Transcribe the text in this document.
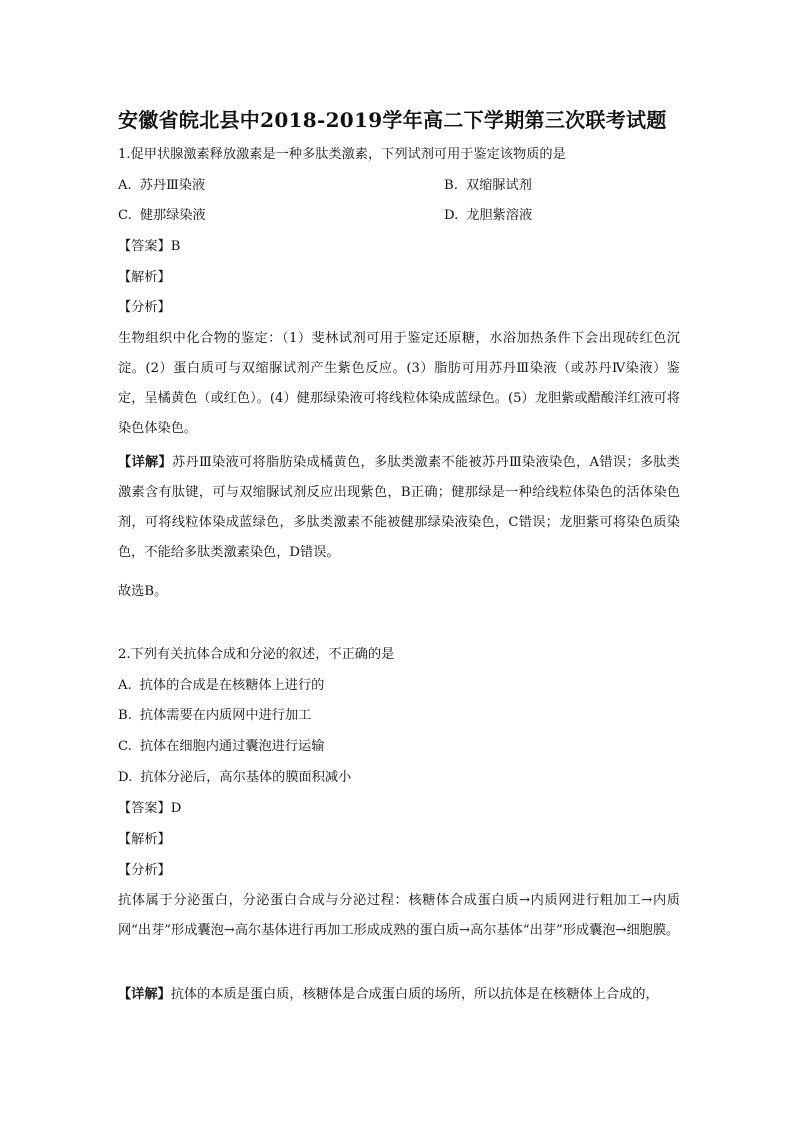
安徽省皖北县中2018-2019学年高二下学期第三次联考试题
1.促甲状腺激素释放激素是一种多肽类激素，下列试剂可用于鉴定该物质的是
A. 苏丹Ⅲ染液	B. 双缩脲试剂
C. 健那绿染液	D. 龙胆紫溶液
【答案】B
【解析】
【分析】
生物组织中化合物的鉴定：（1）斐林试剂可用于鉴定还原糖，水浴加热条件下会出现砖红色沉淀。(2）蛋白质可与双缩脲试剂产生紫色反应。(3）脂肪可用苏丹Ⅲ染液（或苏丹Ⅳ染液）鉴定，呈橘黄色（或红色）。(4）健那绿染液可将线粒体染成蓝绿色。(5）龙胆紫或醋酸洋红液可将染色体染色。
【详解】苏丹Ⅲ染液可将脂肪染成橘黄色，多肽类激素不能被苏丹Ⅲ染液染色，A错误；多肽类激素含有肽键，可与双缩脲试剂反应出现紫色，B正确；健那绿是一种给线粒体染色的活体染色剂，可将线粒体染成蓝绿色，多肽类激素不能被健那绿染液染色，C错误；龙胆紫可将染色质染色，不能给多肽类激素染色，D错误。
故选B。
2.下列有关抗体合成和分泌的叙述，不正确的是
A. 抗体的合成是在核糖体上进行的
B. 抗体需要在内质网中进行加工
C. 抗体在细胞内通过囊泡进行运输
D. 抗体分泌后，高尔基体的膜面积减小
【答案】D
【解析】
【分析】
抗体属于分泌蛋白，分泌蛋白合成与分泌过程：核糖体合成蛋白质→内质网进行粗加工→内质网“出芽”形成囊泡→高尔基体进行再加工形成成熟的蛋白质→高尔基体“出芽”形成囊泡→细胞膜。
【详解】抗体的本质是蛋白质，核糖体是合成蛋白质的场所，所以抗体是在核糖体上合成的，
